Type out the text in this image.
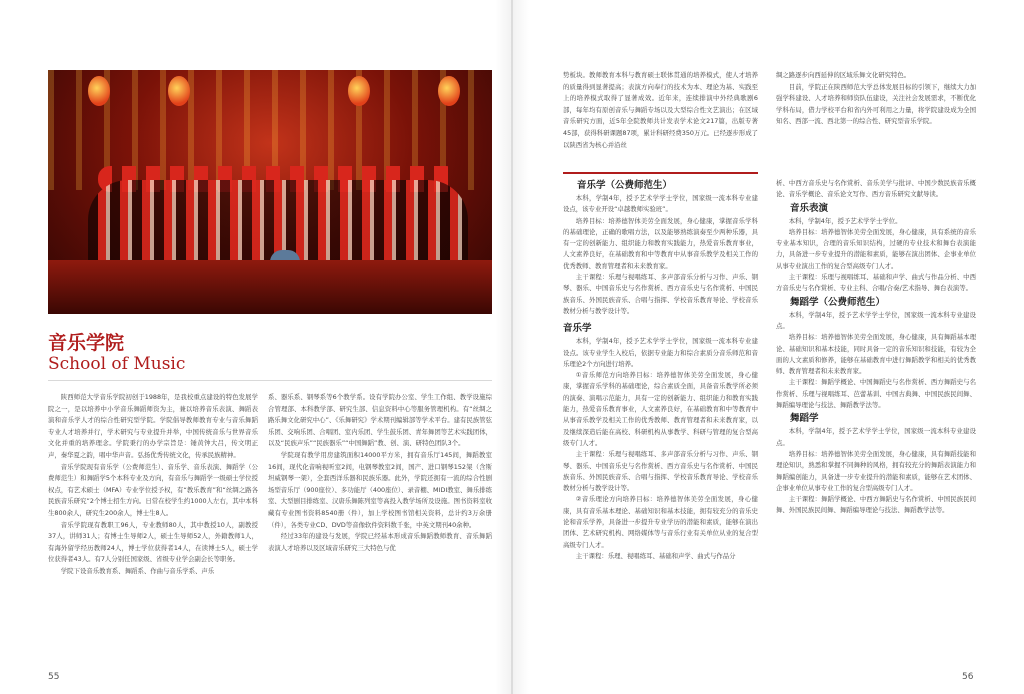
音乐学院
School of Music

陕西师范大学音乐学院初创于1988年，是我校重点建设的特色发展学院之一，是以培养中小学音乐舞蹈师资为主，兼以培养音乐表演、舞蹈表演和音乐学人才的综合性研究型学院。学院倡导教师教育专业与音乐舞蹈专业人才培养并行，学术研究与专业提升并举，中国传统音乐与世界音乐文化并重的培养理念。学院秉行的办学宗旨是：锤黄钟大吕，传文明正声，秦华夏之韵，唱中华声音。弘扬优秀传统文化，传承民族精神。

音乐学院现有音乐学（公费师范生）、音乐学、音乐表演、舞蹈学（公费师范生）和舞蹈学5个本科专业及方向，有音乐与舞蹈学一级硕士学位授权点，有艺术硕士（MFA）专业学位授予权，有“教乐教育”和“丝绸之路各民族音乐研究”2个博士招生方向。日常在校学生约1000人左右，其中本科生800余人，研究生200余人，博士生8人。

音乐学院现有教职工96人，专业教师80人，其中教授10人，副教授37人，讲师31人；有博士生导师2人，硕士生导师52人，外籍教师1人，有海外留学经历教师24人，博士学位获得者14人，在读博士5人，硕士学位获得者43人。有7人分别任国家级、省级专业学会副会长等职务。

学院下设音乐教育系、舞蹈系、作曲与音乐学系、声乐

系、器乐系、钢琴系等6个教学系。设有学院办公室、学生工作组、教学设施综合管理部、本科教学部、研究生部、信息资料中心等服务管理机构。有“丝绸之路乐舞文化研究中心”、《乐舞研究》学术期刊编辑部等学术平台。建有民族管弦乐团、交响乐团、合唱团、室内乐团、学生鼓乐团、青年舞团等艺术实践团体，以及“民族声乐”“民族器乐”“中国舞蹈”教、创、演、研特色团队3个。

学院现有教学用房建筑面积14000平方米，拥有音乐厅145间，舞蹈教室16间，现代化音响视听室2间，电钢琴教室2间，国产、进口钢琴152架（含斯坦威钢琴一架），全套西洋乐器和民族乐器。此外，学院还拥有一流的综合性剧场型音乐厅（900座位）、多功能厅（400座位）、录音棚、MIDI教室、舞乐排练室、大型剧目排练室、汉唐乐舞陈列室等高投入教学场所及设施。图书资料室收藏有专业图书资料8540册（件），加上学校图书馆相关资料，总计约3万余册（件），各类专业CD、DVD等音像软件资料数千张，中英文期刊40余种。

经过33年的建设与发展，学院已经基本形成音乐舞蹈教师教育、音乐舞蹈表演人才培养以及区域音乐研究三大特色与优

55

势板块。教师教育本科与教育硕士联体贯通的培养模式，使人才培养的质量得到显著提高；表演方向奉行的技术为本、理论为基、实践至上的培养模式取得了显著成效。近年来，连续排演中外经典歌剧6部，每年均有原创音乐与舞蹈专场以及大型综合性文艺演出；在区域音乐研究方面，近5年全院教师共计发表学术论文217篇，出版专著45部，获得科研课题87项，累计科研经费350万元。已经逐步形成了以陕西省为核心并沿丝

绸之路逐步向西延伸的区域乐舞文化研究特色。

目前，学院正在陕西师范大学总体发展目标的引领下，继续大力加强学科建设、人才培养和师资队伍建设，关注社会发展需求，不断优化学科布局，借力学校平台和省内外可利用之力量，将学院建设成为全国知名、西部一流、西北第一的综合性、研究型音乐学院。

音乐学（公费师范生）

本科，学制4年，授予艺术学学士学位，国家级一流本科专业建设点，该专业开设“卓越教师实验班”。

培养目标：培养德智体美劳全面发展，身心健康，掌握音乐学科的基础理论，正确的歌唱方法，以及能够熟练演奏至少两种乐器，具有一定的创新能力、组织能力和教育实践能力，热爱音乐教育事业，人文素养良好，在基础教育和中等教育中从事音乐教学及相关工作的优秀教师、教育管理者和未来教育家。

主干课程：乐理与视唱练耳、多声部音乐分析与习作、声乐、钢琴、器乐、中国音乐史与名作赏析、西方音乐史与名作赏析、中国民族音乐、外国民族音乐、合唱与指挥、学校音乐教育导论、学校音乐教材分析与教学设计等。

音乐学

本科，学制4年，授予艺术学学士学位，国家级一流本科专业建设点。该专业学生入校后，依据专业能力和综合素质分音乐师范和音乐理论2个方向进行培养。

①音乐师范方向培养目标：培养德智体美劳全面发展，身心健康，掌握音乐学科的基础理论，综合素质全面，具备音乐教学所必须的演奏、演唱示范能力，具有一定的创新能力、组织能力和教育实践能力，热爱音乐教育事业，人文素养良好，在基础教育和中等教育中从事音乐教学及相关工作的优秀教师、教育管理者和未来教育家，以及继续深造后能在高校、科研机构从事教学、科研与管理的复合型高级专门人才。

主干课程：乐理与视唱练耳、多声部音乐分析与习作、声乐、钢琴、器乐、中国音乐史与名作赏析、西方音乐史与名作赏析、中国民族音乐、外国民族音乐、合唱与指挥、学校音乐教育导论、学校音乐教材分析与教学设计等。

②音乐理论方向培养目标：培养德智体美劳全面发展，身心健康，具有音乐基本理论、基础知识和基本技能，拥有较充分的音乐史论和音乐学养，具备进一步提升专业学历的潜能和素质，能够在演出团体、艺术研究机构、网络媒体等与音乐行业有关单位从业的复合型高级专门人才。

主干课程：乐理、视唱练耳、基础和声学、曲式与作品分

析、中西方音乐史与名作赏析、音乐美学与批评、中国少数民族音乐概论、音乐学概论、音乐论文写作、西方音乐研究文献导读。

音乐表演

本科，学制4年，授予艺术学学士学位。

培养目标：培养德智体美劳全面发展，身心健康，具有系统的音乐专业基本知识，合理的音乐知识结构，过硬的专业技术和舞台表演能力，具备进一步专业提升的潜能和素质，能够在演出团体、企事业单位从事专业演出工作的复合型高级专门人才。

主干课程：乐理与视唱练耳、基础和声学、曲式与作品分析、中西方音乐史与名作赏析、专业主科、合唱/合奏/艺术指导、舞台表演等。

舞蹈学（公费师范生）

本科，学制4年，授予艺术学学士学位，国家级一流本科专业建设点。

培养目标：培养德智体美劳全面发展，身心健康，具有舞蹈基本理论、基础知识和基本技能，同时具备一定的音乐知识和技能，有较为全面的人文素质和修养，能够在基础教育中进行舞蹈教学和相关的优秀教师、教育管理者和未来教育家。

主干课程：舞蹈学概论、中国舞蹈史与名作赏析、西方舞蹈史与名作赏析、乐理与视唱练耳、芭蕾基训、中国古典舞、中国民族民间舞、舞蹈编导理论与技法、舞蹈教学法等。

舞蹈学

本科，学制4年，授予艺术学学士学位，国家级一流本科专业建设点。

培养目标：培养德智体美劳全面发展，身心健康，具有舞蹈技能和理论知识，熟悉和掌握不同舞种的风格，拥有较充分的舞蹈表演能力和舞蹈编创能力，具备进一步专业提升的潜能和素质，能够在艺术团体、企事业单位从事专业工作的复合型高级专门人才。

主干课程：舞蹈学概论、中西方舞蹈史与名作赏析、中国民族民间舞、外国民族民间舞、舞蹈编导理论与技法、舞蹈教学法等。

56
